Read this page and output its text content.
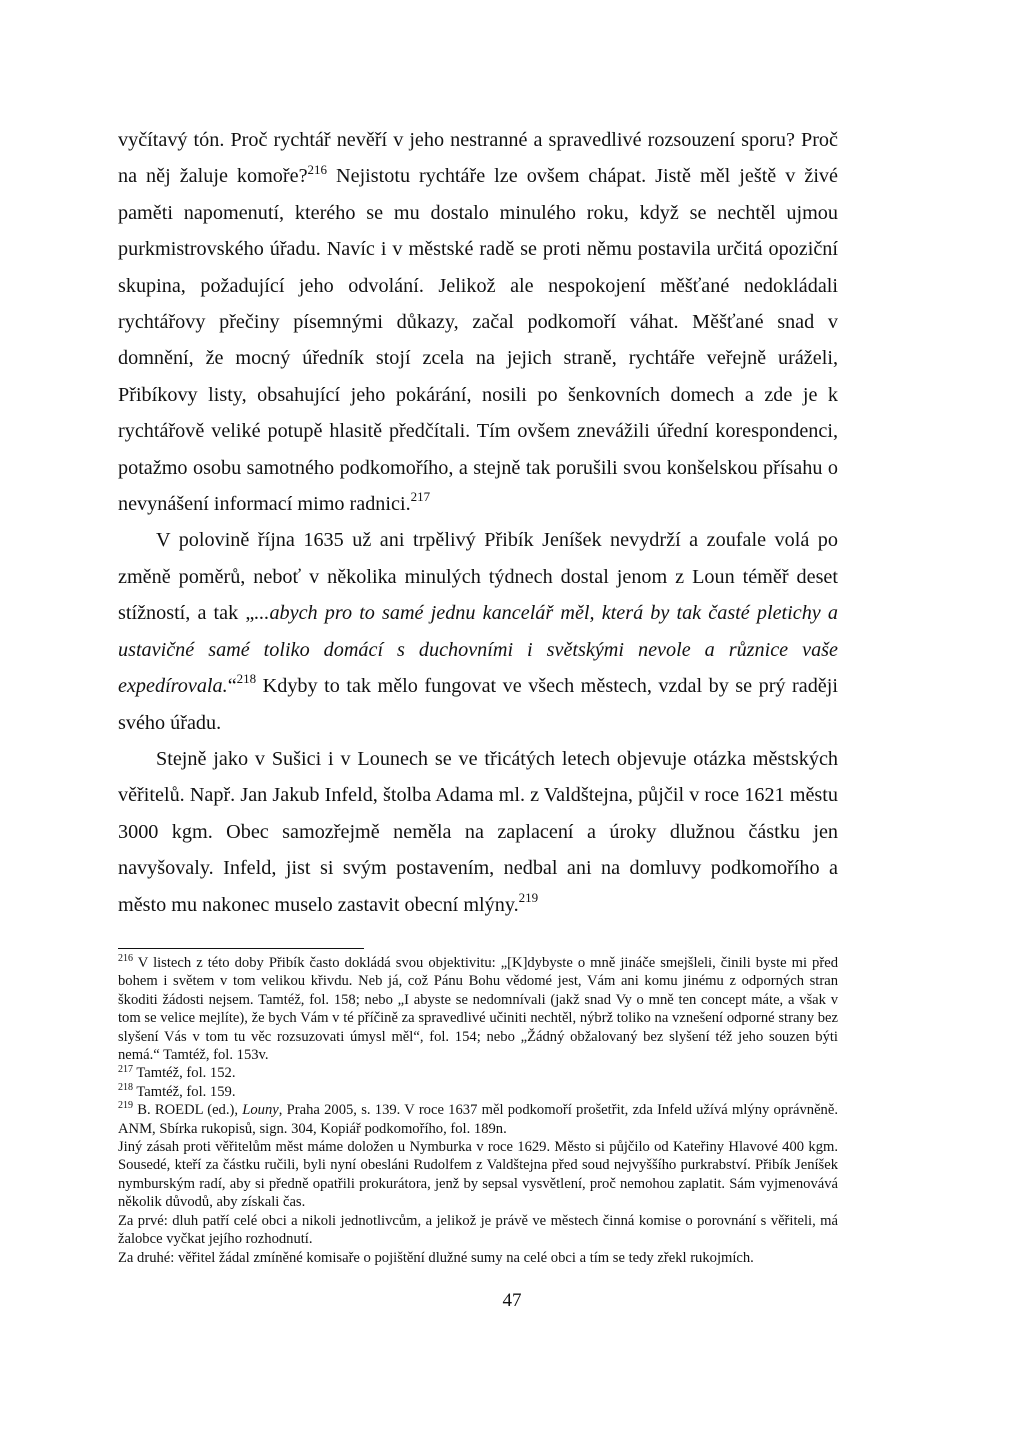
vyčítavý tón. Proč rychtář nevěří v jeho nestranné a spravedlivé rozsouzení sporu? Proč na něj žaluje komoře?$^{216}$ Nejistotu rychtáře lze ovšem chápat. Jistě měl ještě v živé paměti napomenutí, kterého se mu dostalo minulého roku, když se nechtěl ujmou purkmistrovského úřadu. Navíc i v městské radě se proti němu postavila určitá opoziční skupina, požadující jeho odvolání. Jelikož ale nespokojení měšťané nedokládali rychtářovy přečiny písemnými důkazy, začal podkomoří váhat. Měšťané snad v domnění, že mocný úředník stojí zcela na jejich straně, rychtáře veřejně uráželi, Přibíkovy listy, obsahující jeho pokárání, nosili po šenkovních domech a zde je k rychtářově veliké potupě hlasitě předčítali. Tím ovšem znevážili úřední korespondenci, potažmo osobu samotného podkomořího, a stejně tak porušili svou konšelskou přísahu o nevynášení informací mimo radnici.$^{217}$

V polovině října 1635 už ani trpělivý Přibík Jeníšek nevydrží a zoufale volá po změně poměrů, neboť v několika minulých týdnech dostal jenom z Loun téměř deset stížností, a tak „...abych pro to samé jednu kancelář měl, která by tak časté pletichy a ustavičné samé toliko domácí s duchovními i světskými nevole a různice vaše expedírovala.“$^{218}$ Kdyby to tak mělo fungovat ve všech městech, vzdal by se prý raději svého úřadu.

Stejně jako v Sušici i v Lounech se ve třicátých letech objevuje otázka městských věřitelů. Např. Jan Jakub Infeld, štolba Adama ml. z Valdštejna, půjčil v roce 1621 městu 3000 kgm. Obec samozřejmě neměla na zaplacení a úroky dlužnou částku jen navyšovaly. Infeld, jist si svým postavením, nedbal ani na domluvy podkomořího a město mu nakonec muselo zastavit obecní mlýny.$^{219}$

$^{216}$ V listech z této doby Přibík často dokládá svou objektivitu: „[K]dybyste o mně jináče smejšleli, činili byste mi před bohem i světem v tom velikou křivdu. Neb já, což Pánu Bohu vědomé jest, Vám ani komu jinému z odporných stran škoditi žádosti nejsem. Tamtéž, fol. 158; nebo „I abyste se nedomnívali (jakž snad Vy o mně ten concept máte, a však v tom se velice mejlíte), že bych Vám v té příčině za spravedlivé učiniti nechtěl, nýbrž toliko na vznešení odporné strany bez slyšení Vás v tom tu věc rozsuzovati úmysl měl“, fol. 154; nebo „Žádný obžalovaný bez slyšení též jeho souzen býti nemá.“ Tamtéž, fol. 153v.

$^{217}$ Tamtéž, fol. 152.

$^{218}$ Tamtéž, fol. 159.

$^{219}$ B. ROEDL (ed.), Louny, Praha 2005, s. 139. V roce 1637 měl podkomoří prošetřit, zda Infeld užívá mlýny oprávněně. ANM, Sbírka rukopisů, sign. 304, Kopiář podkomořího, fol. 189n.

Jiný zásah proti věřitelům měst máme doložen u Nymburka v roce 1629. Město si půjčilo od Kateřiny Hlavové 400 kgm. Sousedé, kteří za částku ručili, byli nyní obesláni Rudolfem z Valdštejna před soud nejvyššího purkrabství. Přibík Jeníšek nymburským radí, aby si předně opatřili prokurátora, jenž by sepsal vysvětlení, proč nemohou zaplatit. Sám vyjmenovává několik důvodů, aby získali čas.

Za prvé: dluh patří celé obci a nikoli jednotlivcům, a jelikož je právě ve městech činná komise o porovnání s věřiteli, má žalobce vyčkat jejího rozhodnutí.

Za druhé: věřitel žádal zmíněné komisaře o pojištění dlužné sumy na celé obci a tím se tedy zřekl rukojmích.

47
